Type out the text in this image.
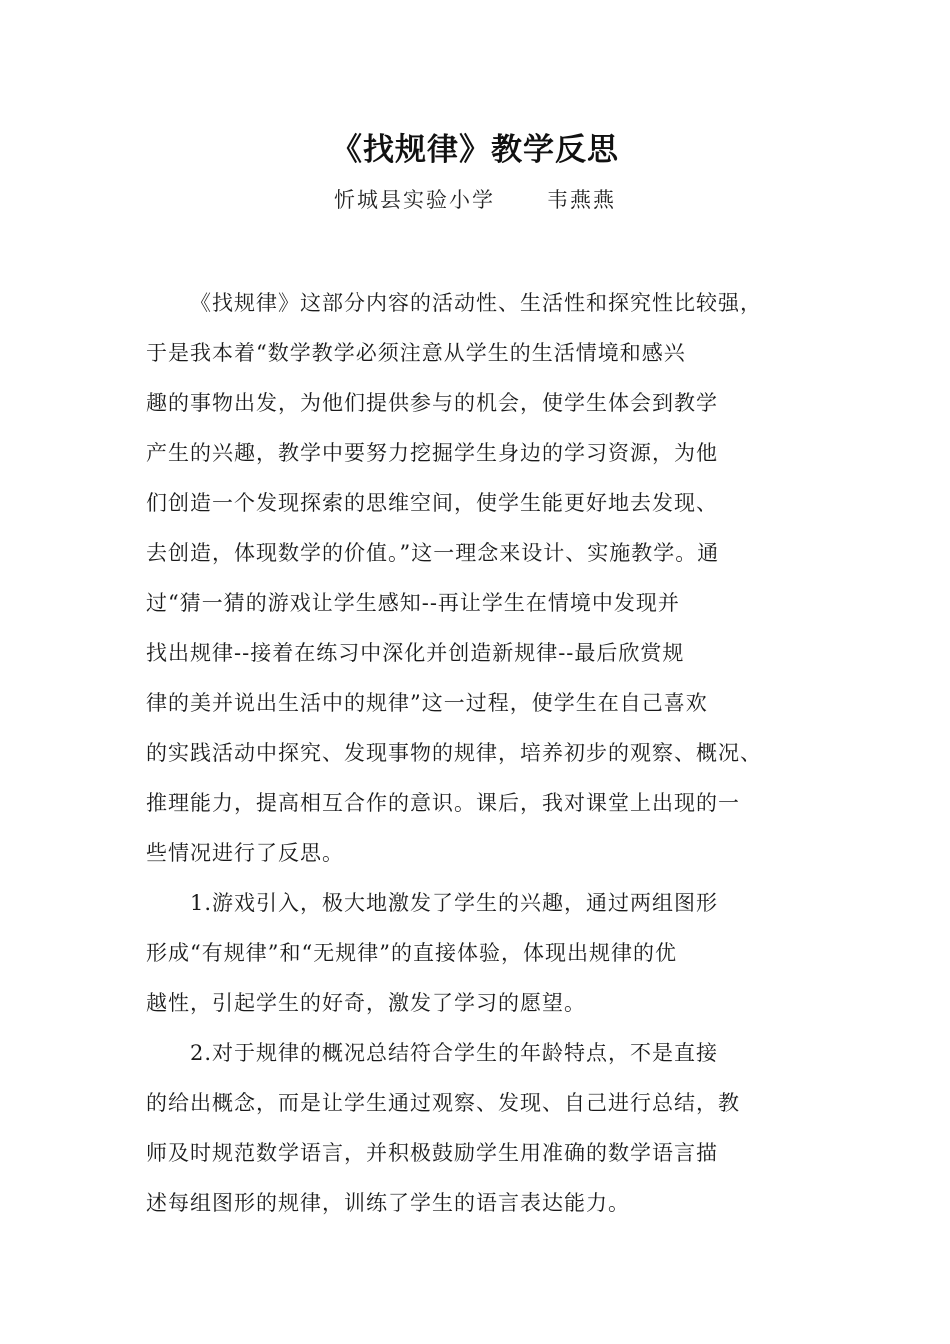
《找规律》教学反思
忻城县实验小学 韦燕燕
《找规律》这部分内容的活动性、生活性和探究性比较强，
于是我本着“数学教学必须注意从学生的生活情境和感兴
趣的事物出发，为他们提供参与的机会，使学生体会到教学
产生的兴趣，教学中要努力挖掘学生身边的学习资源，为他
们创造一个发现探索的思维空间，使学生能更好地去发现、
去创造，体现数学的价值。”这一理念来设计、实施教学。通
过“猜一猜的游戏让学生感知--再让学生在情境中发现并
找出规律--接着在练习中深化并创造新规律--最后欣赏规
律的美并说出生活中的规律”这一过程，使学生在自己喜欢
的实践活动中探究、发现事物的规律，培养初步的观察、概况、
推理能力，提高相互合作的意识。课后，我对课堂上出现的一
些情况进行了反思。
1.游戏引入，极大地激发了学生的兴趣，通过两组图形
形成“有规律”和“无规律”的直接体验，体现出规律的优
越性，引起学生的好奇，激发了学习的愿望。
2.对于规律的概况总结符合学生的年龄特点，不是直接
的给出概念，而是让学生通过观察、发现、自己进行总结，教
师及时规范数学语言，并积极鼓励学生用准确的数学语言描
述每组图形的规律，训练了学生的语言表达能力。
